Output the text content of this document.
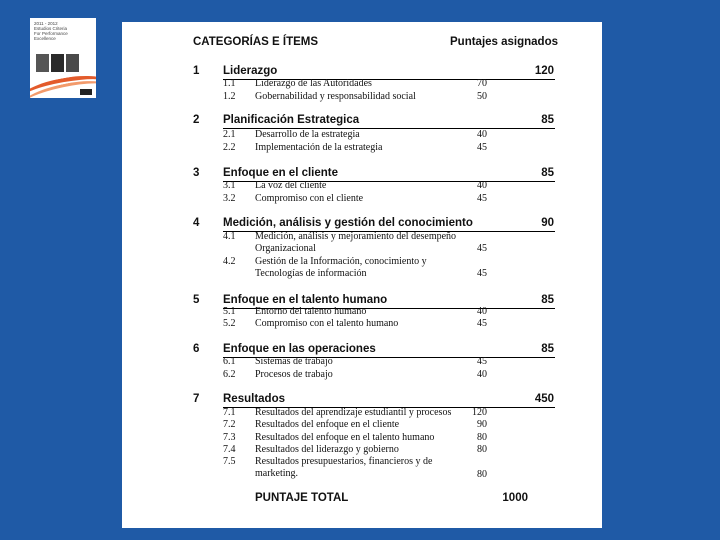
2011 - 2012
Estudios Criteria
For Performance
Excellence	CATEGORÍAS E ÍTEMS	Puntajes asignados
1 Liderazgo	120
1.1 Liderazgo de las Autoridades	70
1.2 Gobernabilidad y responsabilidad social	50
2 Planificación Estrategica	85
2.1 Desarrollo de la estrategia	40
2.2 Implementación de la estrategia	45
3 Enfoque en el cliente	85
3.1 La voz del cliente	40
3.2 Compromiso con el cliente	45
4 Medición, análisis y gestión del conocimiento	90
4.1 Medición, análisis y mejoramiento del desempeño
Organizacional	45
4.2 Gestión de la Información, conocimiento y
Tecnologías de información	45
5 Enfoque en el talento humano	85
5.1 Entorno del talento humano	40
5.2 Compromiso con el talento humano	45
6 Enfoque en las operaciones	85
6.1 Sistemas de trabajo	45
6.2 Procesos de trabajo	40
7 Resultados	450
7.1 Resultados del aprendizaje estudiantil y procesos 120
7.2 Resultados del enfoque en el cliente	90
7.3 Resultados del enfoque en el talento humano	80
7.4 Resultados del liderazgo y gobierno	80
7.5 Resultados presupuestarios, financieros y de
marketing.	80
PUNTAJE TOTAL	1000
